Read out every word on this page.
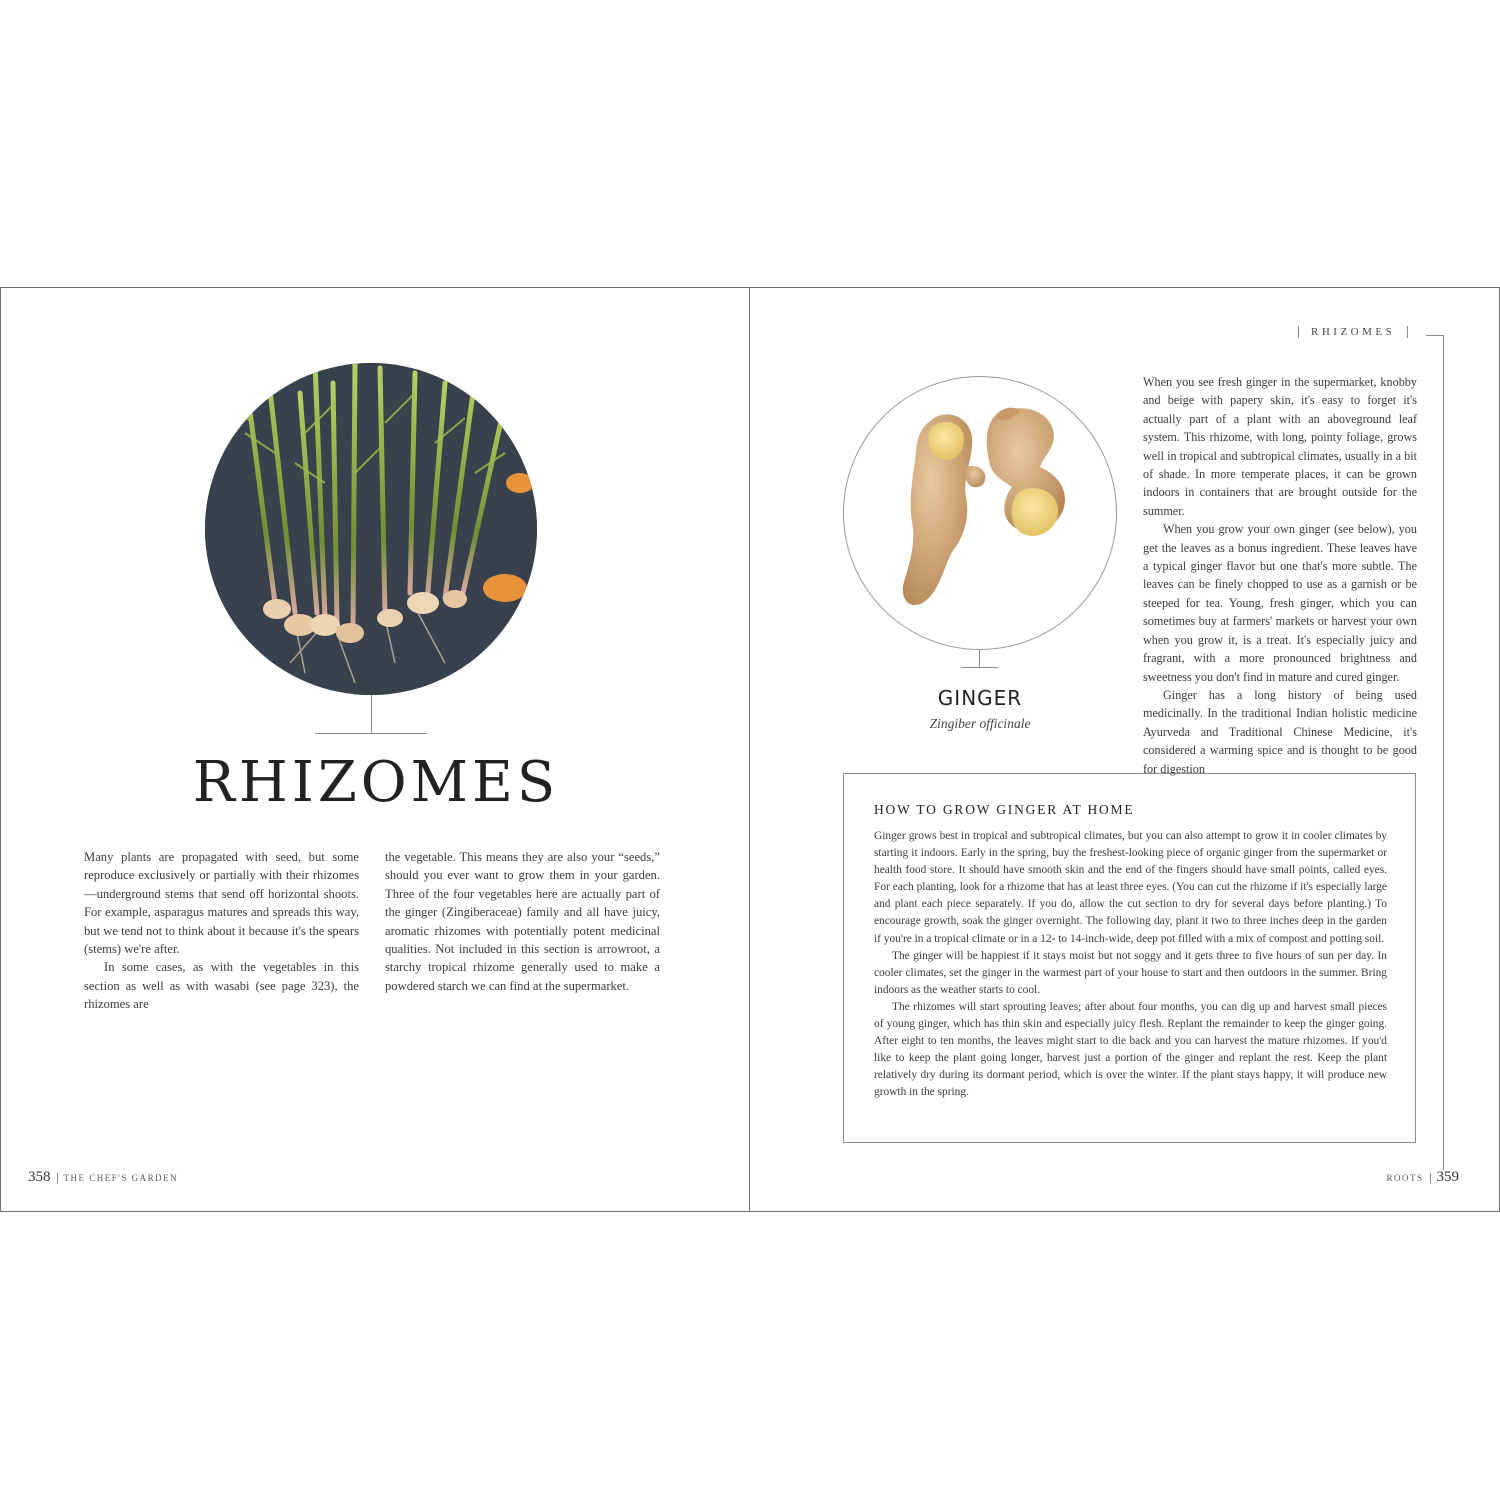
RHIZOMES

Many plants are propagated with seed, but some reproduce exclusively or partially with their rhizomes—underground stems that send off horizontal shoots. For example, asparagus matures and spreads this way, but we tend not to think about it because it's the spears (stems) we're after.

In some cases, as with the vegetables in this section as well as with wasabi (see page 323), the rhizomes are

the vegetable. This means they are also your “seeds,” should you ever want to grow them in your garden. Three of the four vegetables here are actually part of the ginger (Zingiberaceae) family and all have juicy, aromatic rhizomes with potentially potent medicinal qualities. Not included in this section is arrowroot, a starchy tropical rhizome generally used to make a powdered starch we can find at the supermarket.

358 THE CHEF'S GARDEN
RHIZOMES
GINGER
Zingiber officinale

When you see fresh ginger in the supermarket, knobby and beige with papery skin, it's easy to forget it's actually part of a plant with an aboveground leaf system. This rhizome, with long, pointy foliage, grows well in tropical and subtropical climates, usually in a bit of shade. In more temperate places, it can be grown indoors in containers that are brought outside for the summer.

When you grow your own ginger (see below), you get the leaves as a bonus ingredient. These leaves have a typical ginger flavor but one that's more subtle. The leaves can be finely chopped to use as a garnish or be steeped for tea. Young, fresh ginger, which you can sometimes buy at farmers' markets or harvest your own when you grow it, is a treat. It's especially juicy and fragrant, with a more pronounced brightness and sweetness you don't find in mature and cured ginger.

Ginger has a long history of being used medicinally. In the traditional Indian holistic medicine Ayurveda and Traditional Chinese Medicine, it's considered a warming spice and is thought to be good for digestion

HOW TO GROW GINGER AT HOME

Ginger grows best in tropical and subtropical climates, but you can also attempt to grow it in cooler climates by starting it indoors. Early in the spring, buy the freshest-looking piece of organic ginger from the supermarket or health food store. It should have smooth skin and the end of the fingers should have small points, called eyes. For each planting, look for a rhizome that has at least three eyes. (You can cut the rhizome if it's especially large and plant each piece separately. If you do, allow the cut section to dry for several days before planting.) To encourage growth, soak the ginger overnight. The following day, plant it two to three inches deep in the garden if you're in a tropical climate or in a 12- to 14-inch-wide, deep pot filled with a mix of compost and potting soil.

The ginger will be happiest if it stays moist but not soggy and it gets three to five hours of sun per day. In cooler climates, set the ginger in the warmest part of your house to start and then outdoors in the summer. Bring indoors as the weather starts to cool.

The rhizomes will start sprouting leaves; after about four months, you can dig up and harvest small pieces of young ginger, which has thin skin and especially juicy flesh. Replant the remainder to keep the ginger going. After eight to ten months, the leaves might start to die back and you can harvest the mature rhizomes. If you'd like to keep the plant going longer, harvest just a portion of the ginger and replant the rest. Keep the plant relatively dry during its dormant period, which is over the winter. If the plant stays happy, it will produce new growth in the spring.

ROOTS 359
